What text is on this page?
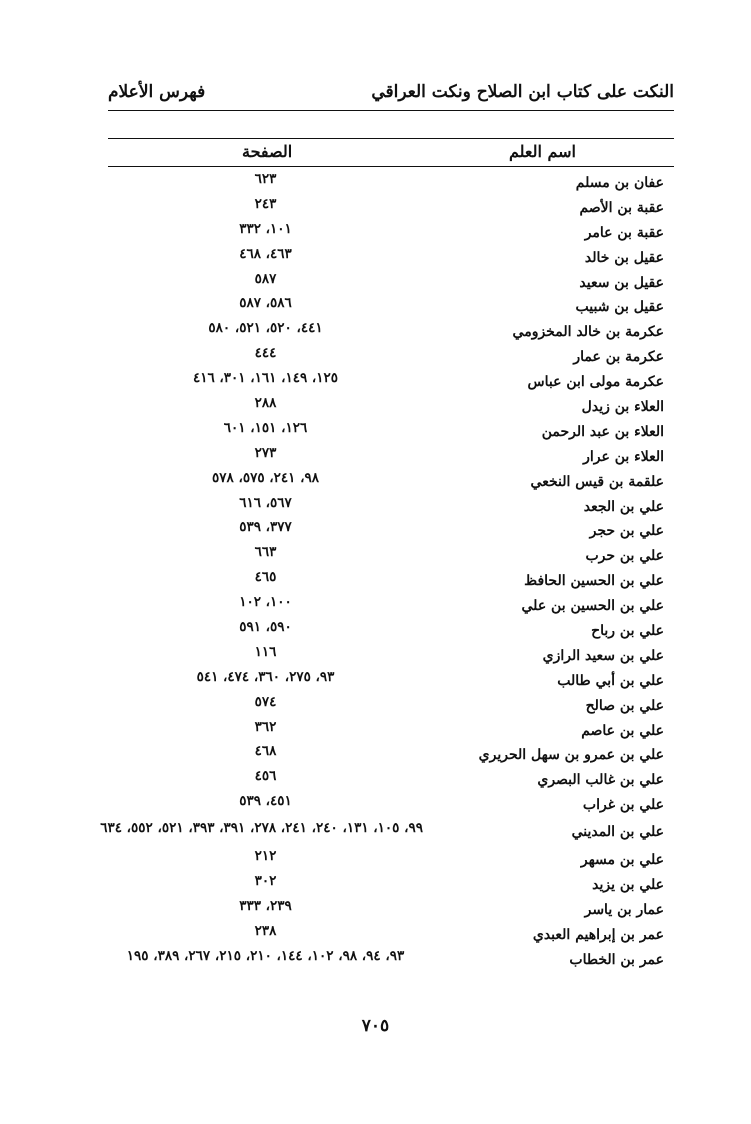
النكت على كتاب ابن الصلاح ونكت العراقي
فهرس الأعلام
اسم العلم
الصفحة
عفان بن مسلم
٦٢٣
عقبة بن الأصم
٢٤٣
عقبة بن عامر
١٠١، ٣٣٢
عقيل بن خالد
٤٦٣، ٤٦٨
عقيل بن سعيد
٥٨٧
عقيل بن شبيب
٥٨٦، ٥٨٧
عكرمة بن خالد المخزومي
٤٤١، ٥٢٠، ٥٢١، ٥٨٠
عكرمة بن عمار
٤٤٤
عكرمة مولى ابن عباس
١٢٥، ١٤٩، ١٦١، ٣٠١، ٤١٦
العلاء بن زيدل
٢٨٨
العلاء بن عبد الرحمن
١٢٦، ١٥١، ٦٠١
العلاء بن عرار
٢٧٣
علقمة بن قيس النخعي
٩٨، ٢٤١، ٥٧٥، ٥٧٨
علي بن الجعد
٥٦٧، ٦١٦
علي بن حجر
٣٧٧، ٥٣٩
علي بن حرب
٦٦٣
علي بن الحسين الحافظ
٤٦٥
علي بن الحسين بن علي
١٠٠، ١٠٢
علي بن رباح
٥٩٠، ٥٩١
علي بن سعيد الرازي
١١٦
علي بن أبي طالب
٩٣، ٢٧٥، ٣٦٠، ٤٧٤، ٥٤١
علي بن صالح
٥٧٤
علي بن عاصم
٣٦٢
علي بن عمرو بن سهل الحريري
٤٦٨
علي بن غالب البصري
٤٥٦
علي بن غراب
٤٥١، ٥٣٩
علي بن المديني
٩٩، ١٠٥، ١٣١، ٢٤٠، ٢٤١، ٢٧٨، ٣٩١، ٣٩٣، ٥٢١، ٥٥٢، ٦٣٤
علي بن مسهر
٢١٢
علي بن يزيد
٣٠٢
عمار بن ياسر
٢٣٩، ٣٣٣
عمر بن إبراهيم العبدي
٢٣٨
عمر بن الخطاب
٩٣، ٩٤، ٩٨، ١٠٢، ١٤٤، ٢١٠، ٢١٥، ٢٦٧، ٣٨٩، ١٩٥
٧٠٥
